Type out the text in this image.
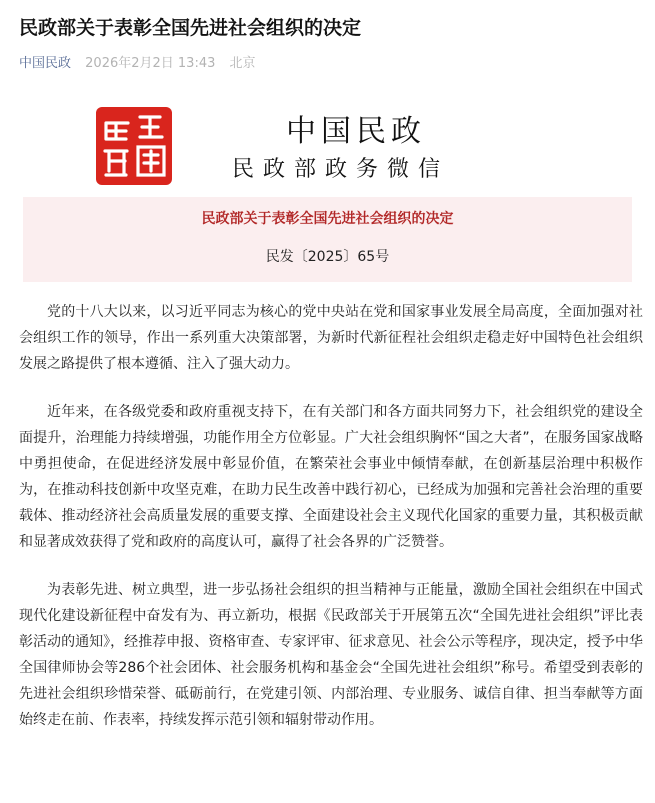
民政部关于表彰全国先进社会组织的决定
中国民政 2026年2月2日 13:43 北京
中国民政
民政部政务微信
民政部关于表彰全国先进社会组织的决定
民发〔2025〕65号

党的十八大以来，以习近平同志为核心的党中央站在党和国家事业发展全局高度，全面加强对社会组织工作的领导，作出一系列重大决策部署，为新时代新征程社会组织走稳走好中国特色社会组织发展之路提供了根本遵循、注入了强大动力。

近年来，在各级党委和政府重视支持下，在有关部门和各方面共同努力下，社会组织党的建设全面提升，治理能力持续增强，功能作用全方位彰显。广大社会组织胸怀“国之大者”，在服务国家战略中勇担使命，在促进经济发展中彰显价值，在繁荣社会事业中倾情奉献，在创新基层治理中积极作为，在推动科技创新中攻坚克难，在助力民生改善中践行初心，已经成为加强和完善社会治理的重要载体、推动经济社会高质量发展的重要支撑、全面建设社会主义现代化国家的重要力量，其积极贡献和显著成效获得了党和政府的高度认可，赢得了社会各界的广泛赞誉。

为表彰先进、树立典型，进一步弘扬社会组织的担当精神与正能量，激励全国社会组织在中国式现代化建设新征程中奋发有为、再立新功，根据《民政部关于开展第五次“全国先进社会组织”评比表彰活动的通知》，经推荐申报、资格审查、专家评审、征求意见、社会公示等程序，现决定，授予中华全国律师协会等286个社会团体、社会服务机构和基金会“全国先进社会组织”称号。希望受到表彰的先进社会组织珍惜荣誉、砥砺前行，在党建引领、内部治理、专业服务、诚信自律、担当奉献等方面始终走在前、作表率，持续发挥示范引领和辐射带动作用。
